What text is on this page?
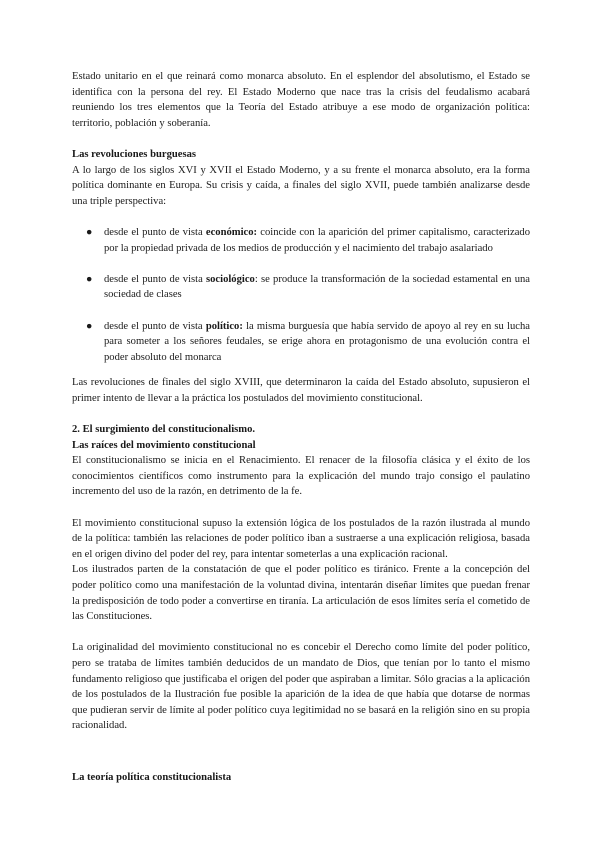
Estado unitario en el que reinará como monarca absoluto. En el esplendor del absolutismo, el Estado se identifica con la persona del rey. El Estado Moderno que nace tras la crisis del feudalismo acabará reuniendo los tres elementos que la Teoría del Estado atribuye a ese modo de organización política: territorio, población y soberanía.

Las revoluciones burguesas

A lo largo de los siglos XVI y XVII el Estado Moderno, y a su frente el monarca absoluto, era la forma política dominante en Europa. Su crisis y caída, a finales del siglo XVII, puede también analizarse desde una triple perspectiva:

● desde el punto de vista económico: coincide con la aparición del primer capitalismo, caracterizado por la propiedad privada de los medios de producción y el nacimiento del trabajo asalariado
● desde el punto de vista sociológico: se produce la transformación de la sociedad estamental en una sociedad de clases
● desde el punto de vista político: la misma burguesía que había servido de apoyo al rey en su lucha para someter a los señores feudales, se erige ahora en protagonismo de una evolución contra el poder absoluto del monarca

Las revoluciones de finales del siglo XVIII, que determinaron la caída del Estado absoluto, supusieron el primer intento de llevar a la práctica los postulados del movimiento constitucional.

2. El surgimiento del constitucionalismo.
Las raíces del movimiento constitucional

El constitucionalismo se inicia en el Renacimiento. El renacer de la filosofía clásica y el éxito de los conocimientos científicos como instrumento para la explicación del mundo trajo consigo el paulatino incremento del uso de la razón, en detrimento de la fe.

El movimiento constitucional supuso la extensión lógica de los postulados de la razón ilustrada al mundo de la política: también las relaciones de poder político iban a sustraerse a una explicación religiosa, basada en el origen divino del poder del rey, para intentar someterlas a una explicación racional.

Los ilustrados parten de la constatación de que el poder político es tiránico. Frente a la concepción del poder político como una manifestación de la voluntad divina, intentarán diseñar límites que puedan frenar la predisposición de todo poder a convertirse en tiranía. La articulación de esos límites sería el cometido de las Constituciones.

La originalidad del movimiento constitucional no es concebir el Derecho como límite del poder político, pero se trataba de límites también deducidos de un mandato de Dios, que tenían por lo tanto el mismo fundamento religioso que justificaba el origen del poder que aspiraban a limitar. Sólo gracias a la aplicación de los postulados de la Ilustración fue posible la aparición de la idea de que había que dotarse de normas que pudieran servir de límite al poder político cuya legitimidad no se basará en la religión sino en su propia racionalidad.

La teoría política constitucionalista
